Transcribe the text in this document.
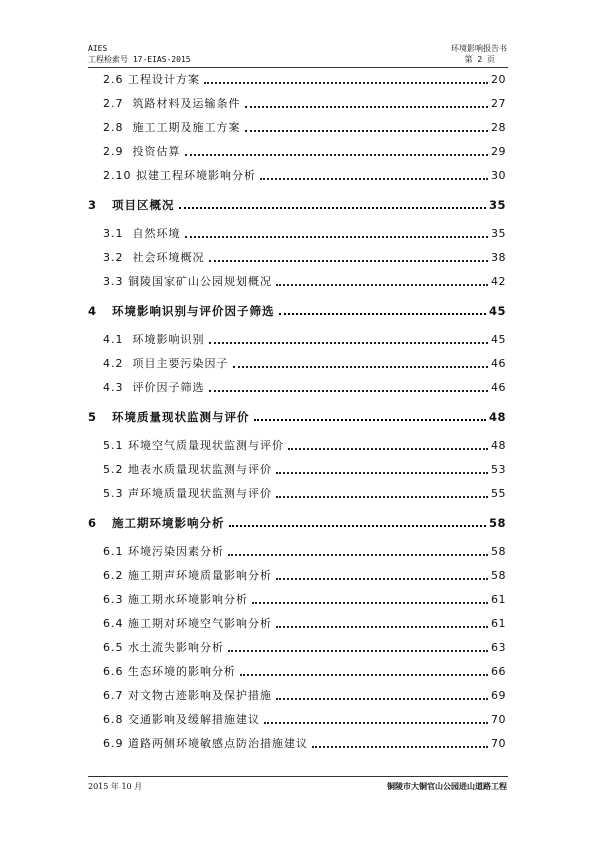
AIES
工程检索号 17-EIAS-2015
环境影响报告书
第 2 页
2.6 工程设计方案	20
2.7 筑路材料及运输条件	27
2.8 施工工期及施工方案	28
2.9 投资估算	29
2.10 拟建工程环境影响分析	30
3 项目区概况	35
3.1 自然环境	35
3.2 社会环境概况	38
3.3 铜陵国家矿山公园规划概况	42
4 环境影响识别与评价因子筛选	45
4.1 环境影响识别	45
4.2 项目主要污染因子	46
4.3 评价因子筛选	46
5 环境质量现状监测与评价	48
5.1 环境空气质量现状监测与评价	48
5.2 地表水质量现状监测与评价	53
5.3 声环境质量现状监测与评价	55
6 施工期环境影响分析	58
6.1 环境污染因素分析	58
6.2 施工期声环境质量影响分析	58
6.3 施工期水环境影响分析	61
6.4 施工期对环境空气影响分析	61
6.5 水土流失影响分析	63
6.6 生态环境的影响分析	66
6.7 对文物古迹影响及保护措施	69
6.8 交通影响及缓解措施建议	70
6.9 道路两侧环境敏感点防治措施建议	70
2015 年 10 月	铜陵市大铜官山公园进山道路工程
